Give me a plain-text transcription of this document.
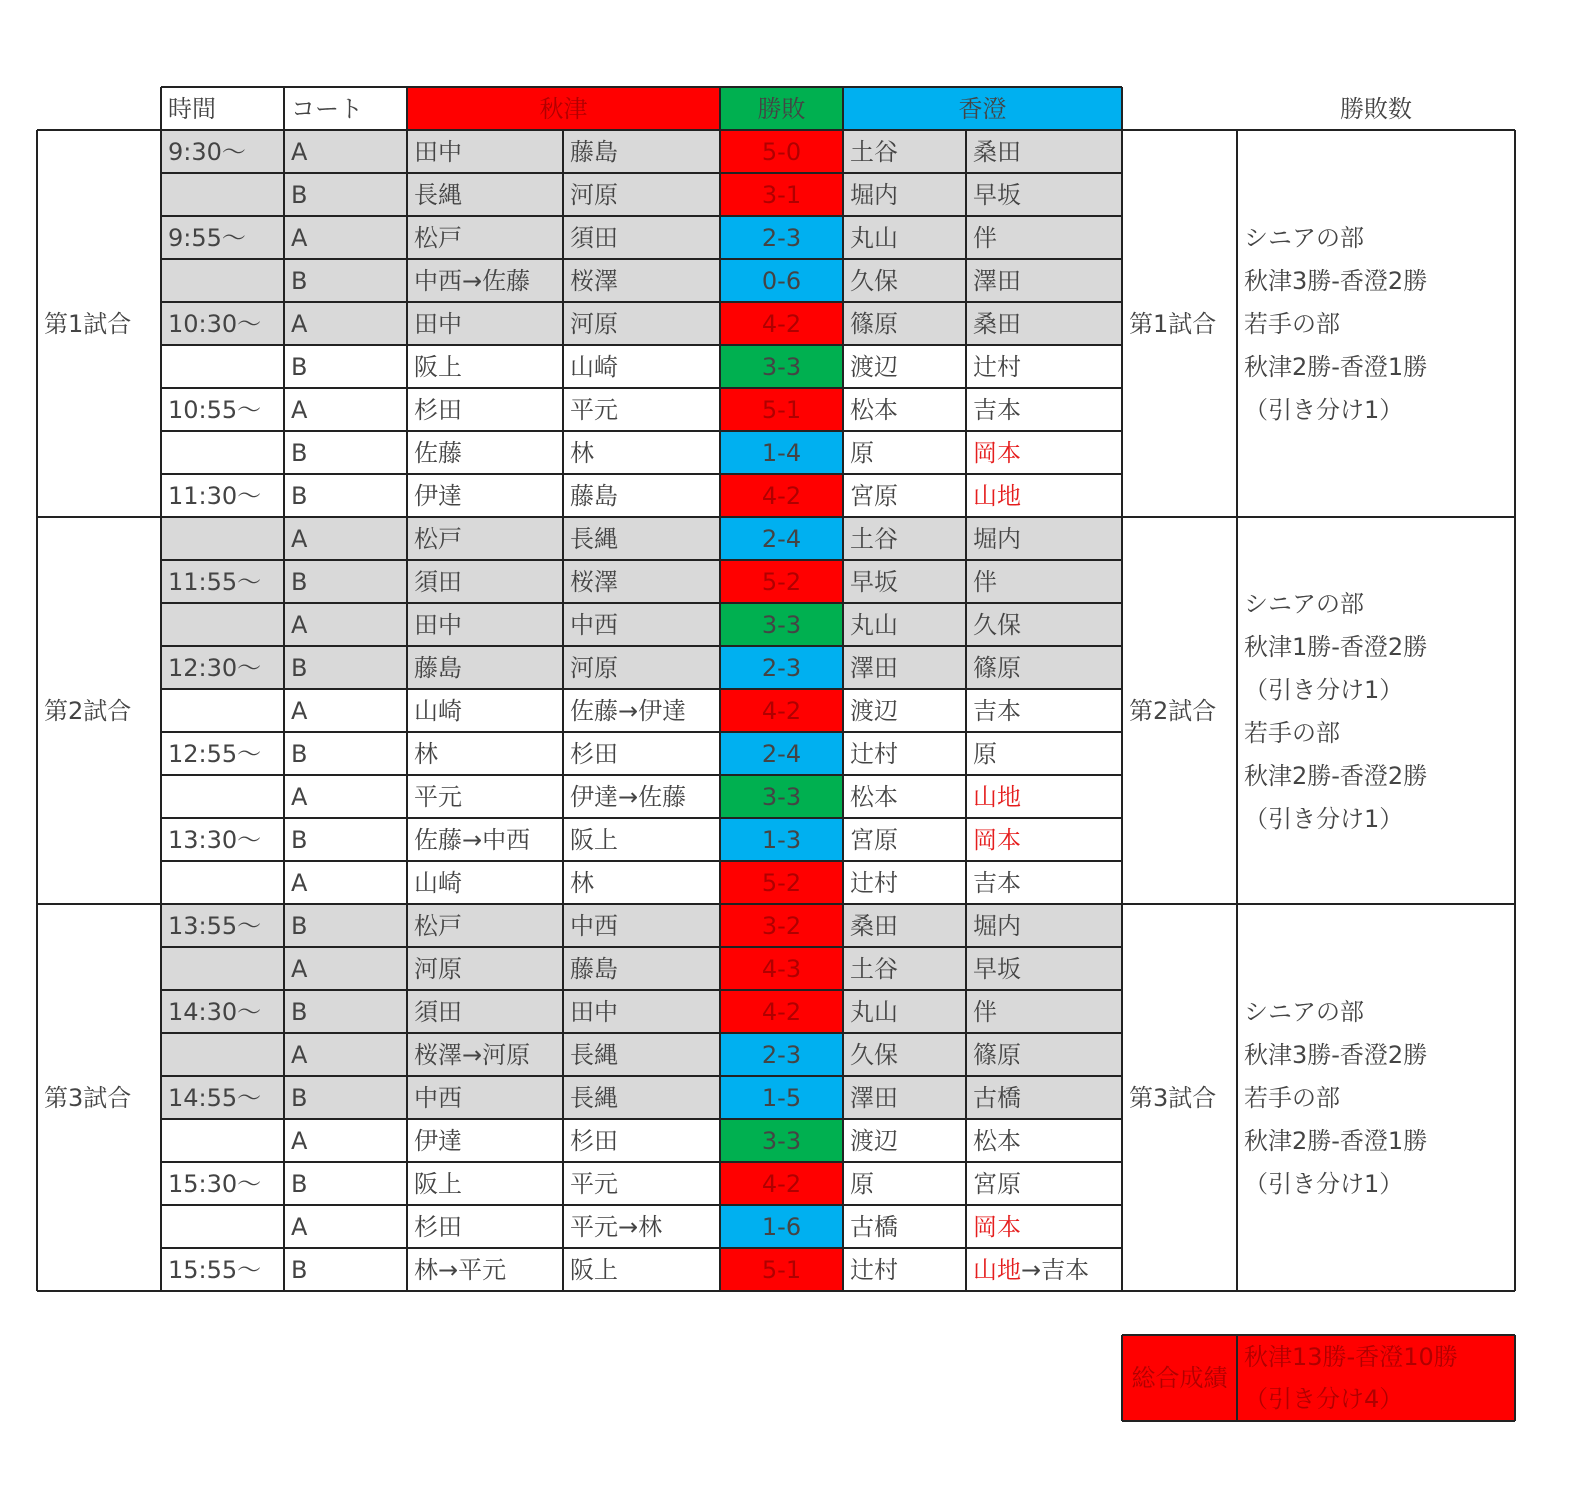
時間	コート	秋津	勝敗	香澄	勝敗数
第1試合	第1試合
9:30～	A	田中	藤島	5-0	土谷	桑田
B	長縄	河原	3-1	堀内	早坂
9:55～	A	松戸	須田	2-3	丸山	伴
B	中西→佐藤	桜澤	0-6	久保	澤田
10:30～	A	田中	河原	4-2	篠原	桑田
B	阪上	山崎	3-3	渡辺	辻村
10:55～	A	杉田	平元	5-1	松本	吉本
B	佐藤	林	1-4	原	岡本
11:30～	B	伊達	藤島	4-2	宮原	山地
第2試合	第2試合
A	松戸	長縄	2-4	土谷	堀内
11:55～	B	須田	桜澤	5-2	早坂	伴
A	田中	中西	3-3	丸山	久保
12:30～	B	藤島	河原	2-3	澤田	篠原
A	山崎	佐藤→伊達	4-2	渡辺	吉本
12:55～	B	林	杉田	2-4	辻村	原
A	平元	伊達→佐藤	3-3	松本	山地
13:30～	B	佐藤→中西	阪上	1-3	宮原	岡本
A	山崎	林	5-2	辻村	吉本
第3試合	第3試合
13:55～	B	松戸	中西	3-2	桑田	堀内
A	河原	藤島	4-3	土谷	早坂
14:30～	B	須田	田中	4-2	丸山	伴
A	桜澤→河原	長縄	2-3	久保	篠原
14:55～	B	中西	長縄	1-5	澤田	古橋
A	伊達	杉田	3-3	渡辺	松本
15:30～	B	阪上	平元	4-2	原	宮原
A	杉田	平元→林	1-6	古橋	岡本
15:55～	B	林→平元	阪上	5-1	辻村	山地 →吉本
シニアの部
秋津3勝-香澄2勝
若手の部
秋津2勝-香澄1勝
（引き分け1）
シニアの部
秋津1勝-香澄2勝
（引き分け1）
若手の部
秋津2勝-香澄2勝
（引き分け1）
シニアの部
秋津3勝-香澄2勝
若手の部
秋津2勝-香澄1勝
（引き分け1）
総合成績
秋津13勝-香澄10勝
（引き分け4）
